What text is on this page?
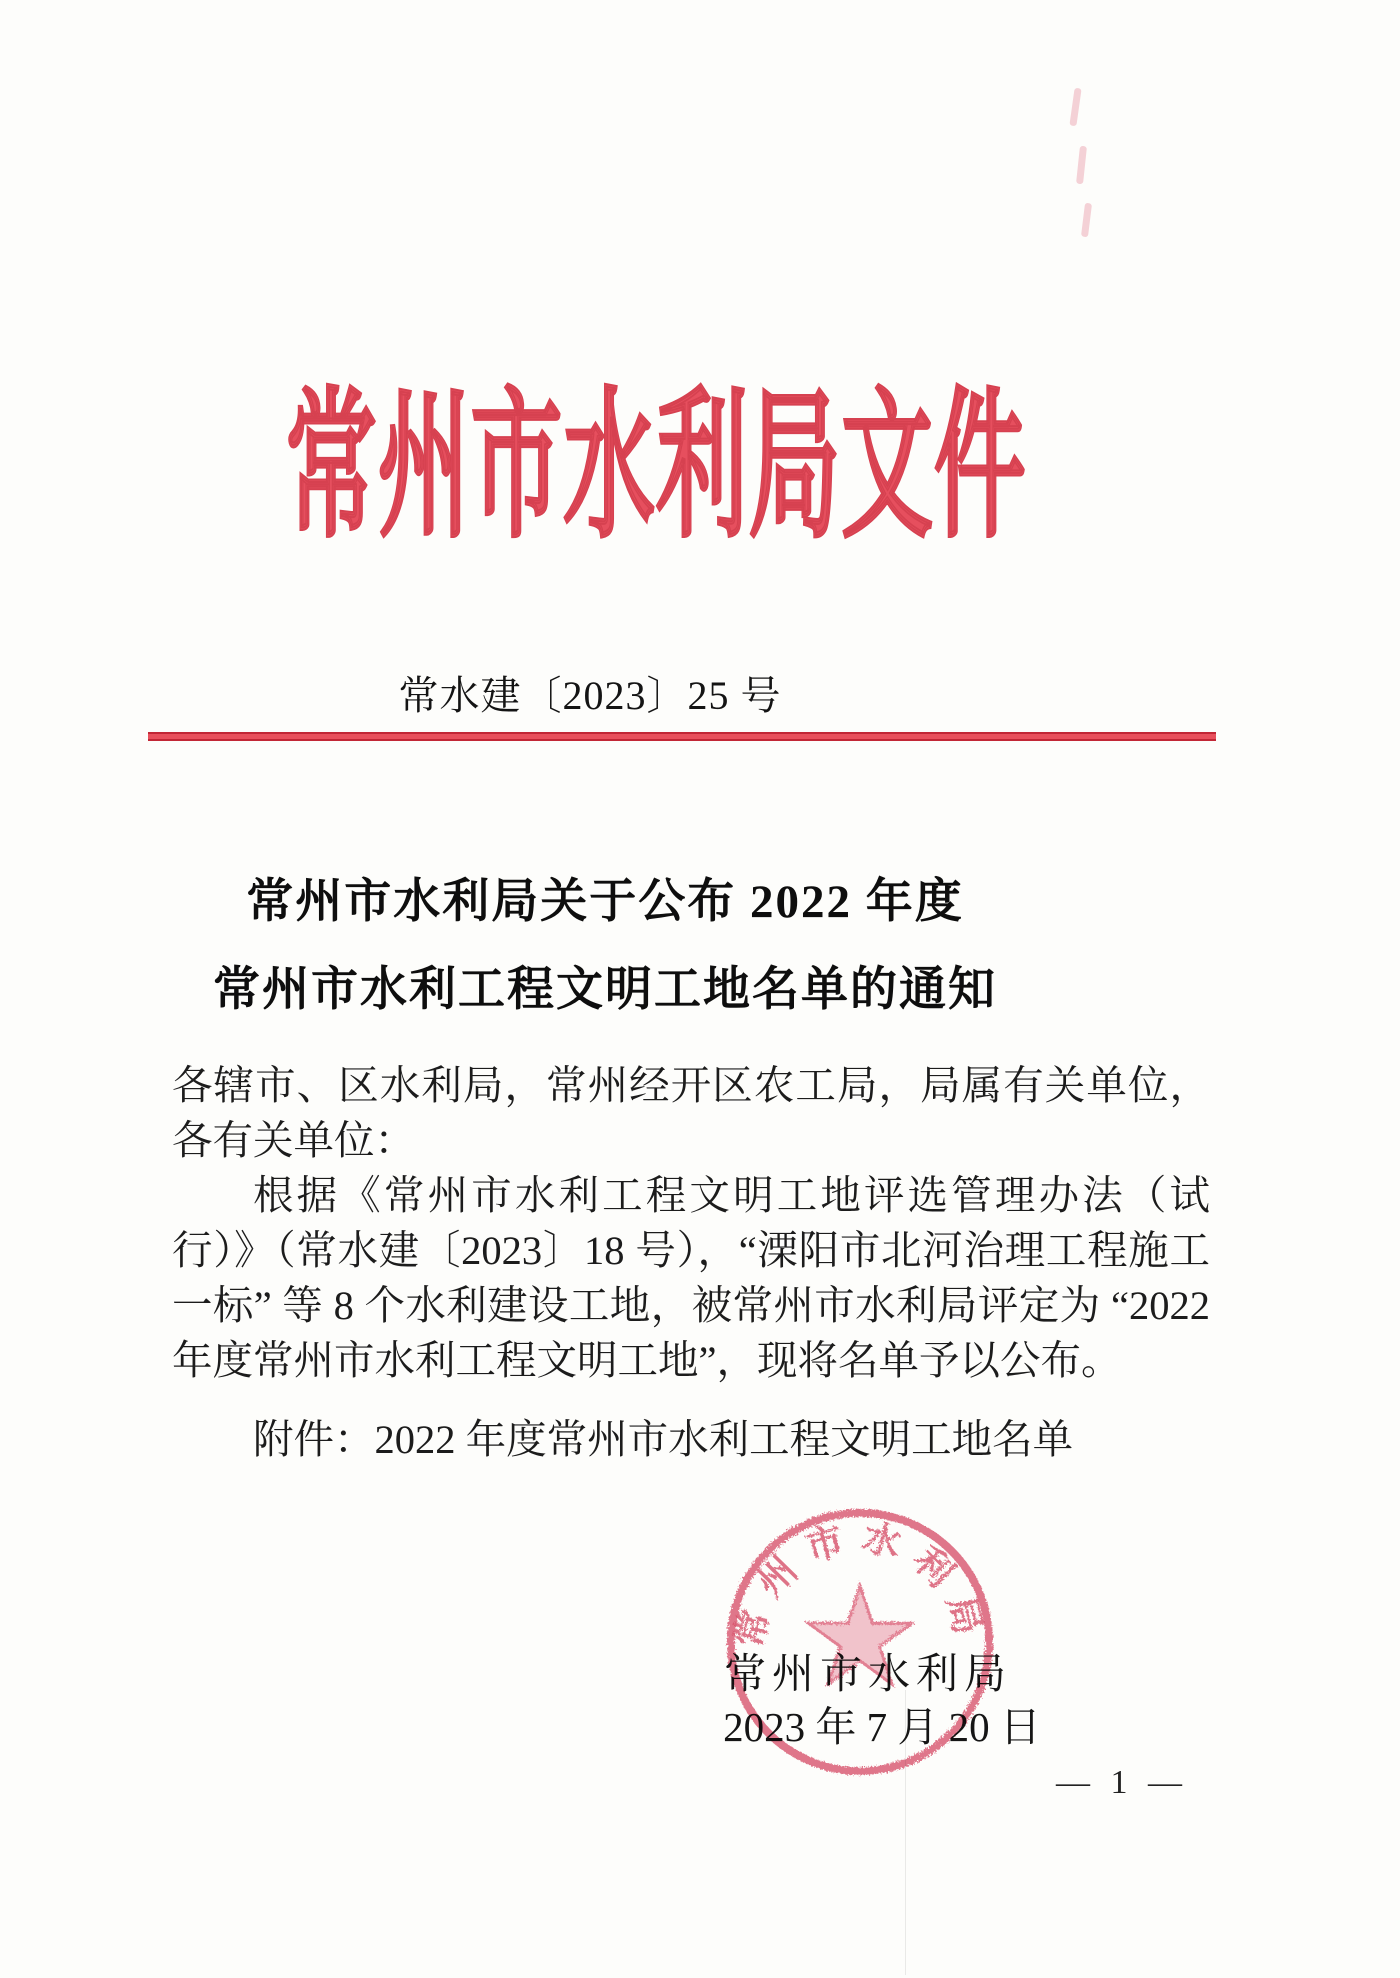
常州市水利局文件
常水建〔2023〕25 号
常州市水利局关于公布 2022 年度
常州市水利工程文明工地名单的通知

各辖市、区水利局，常州经开区农工局，局属有关单位，各有关单位：

根据《常州市水利工程文明工地评选管理办法（试行）》（常水建〔2023〕18 号），“溧阳市北河治理工程施工一标” 等 8 个水利建设工地，被常州市水利局评定为 “2022 年度常州市水利工程文明工地”，现将名单予以公布。

附件：2022 年度常州市水利工程文明工地名单

常州市水利局
2023 年 7 月 20 日
常州市水利局
— 1 —
